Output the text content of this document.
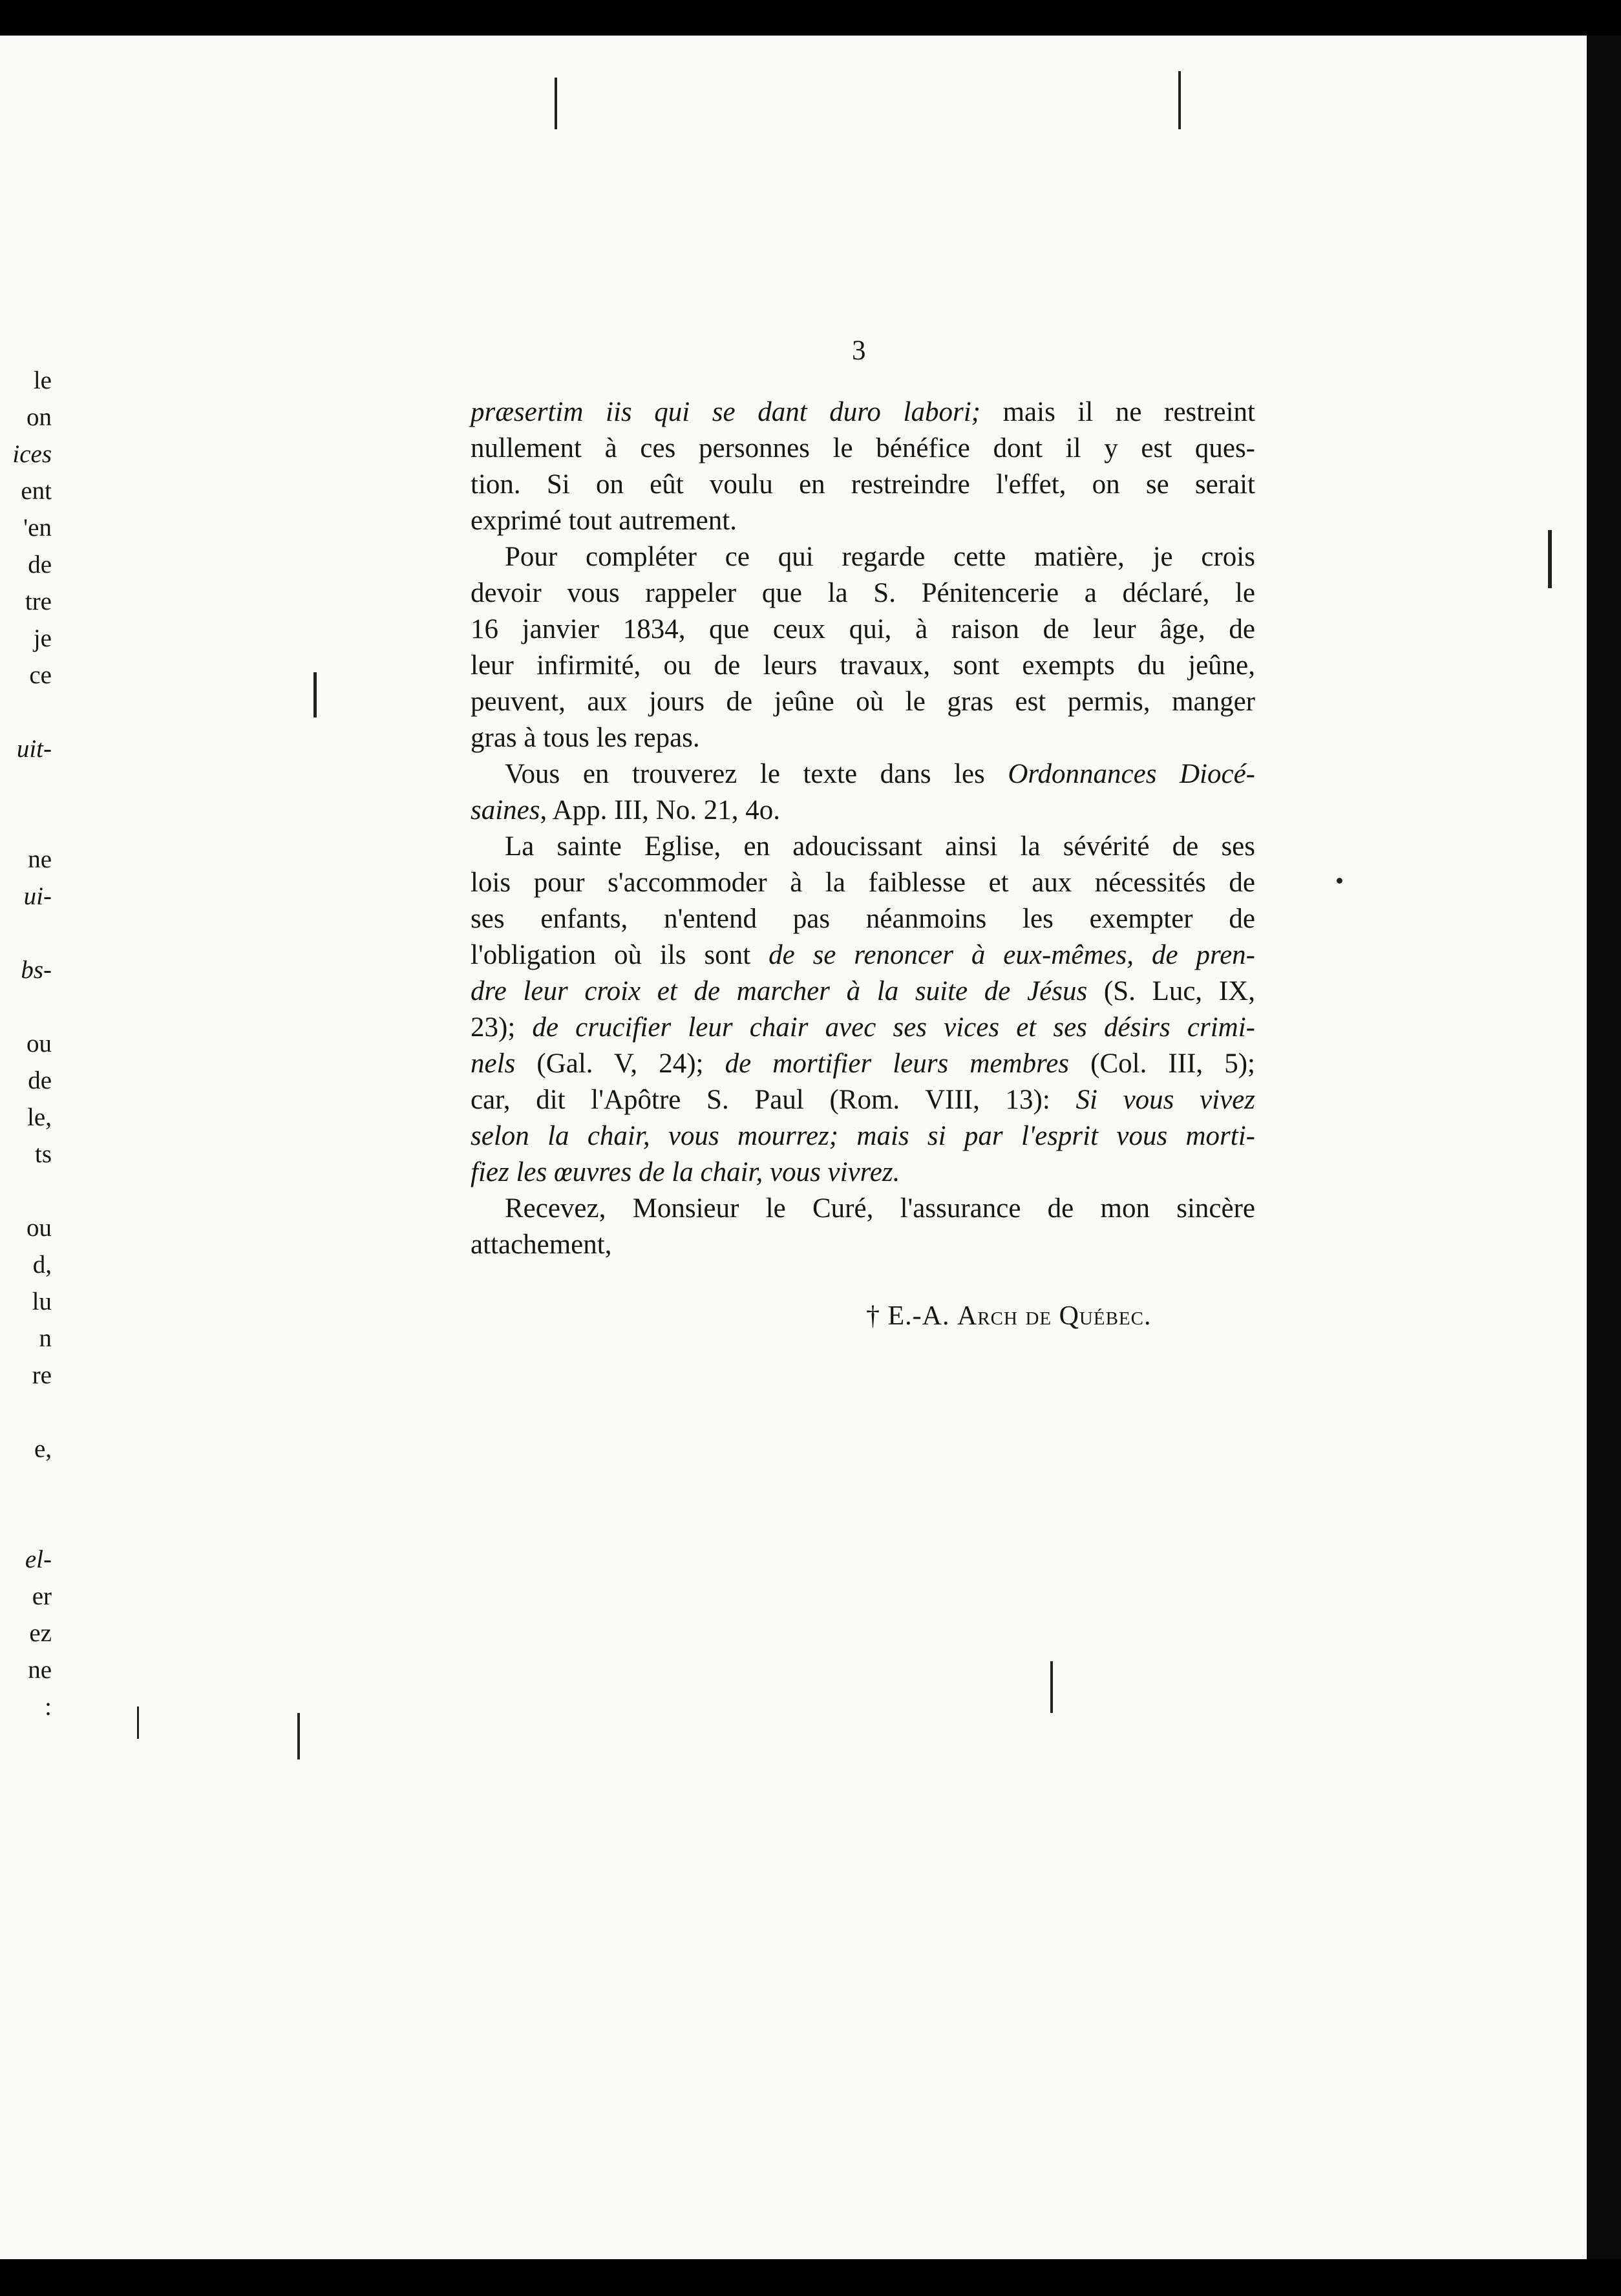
le
on
ices
ent
'en
de
tre
je
ce
uit-
ne
ui-
bs-
ou
de
le,
ts
ou
d,
lu
n
re
e,
el-
er
ez
ne
:
3
præsertim iis qui se dant duro labori; mais il ne restreint
nullement à ces personnes le bénéfice dont il y est ques-
tion. Si on eût voulu en restreindre l'effet, on se serait
exprimé tout autrement.
Pour compléter ce qui regarde cette matière, je crois
devoir vous rappeler que la S. Pénitencerie a déclaré, le
16 janvier 1834, que ceux qui, à raison de leur âge, de
leur infirmité, ou de leurs travaux, sont exempts du jeûne,
peuvent, aux jours de jeûne où le gras est permis, manger
gras à tous les repas.
Vous en trouverez le texte dans les Ordonnances Diocé-
saines, App. III, No. 21, 4o.
La sainte Eglise, en adoucissant ainsi la sévérité de ses
lois pour s'accommoder à la faiblesse et aux nécessités de
ses enfants, n'entend pas néanmoins les exempter de
l'obligation où ils sont de se renoncer à eux-mêmes, de pren-
dre leur croix et de marcher à la suite de Jésus (S. Luc, IX,
23); de crucifier leur chair avec ses vices et ses désirs crimi-
nels (Gal. V, 24); de mortifier leurs membres (Col. III, 5);
car, dit l'Apôtre S. Paul (Rom. VIII, 13): Si vous vivez
selon la chair, vous mourrez; mais si par l'esprit vous morti-
fiez les œuvres de la chair, vous vivrez.
Recevez, Monsieur le Curé, l'assurance de mon sincère
attachement,
† E.-A. Arch de Québec.
